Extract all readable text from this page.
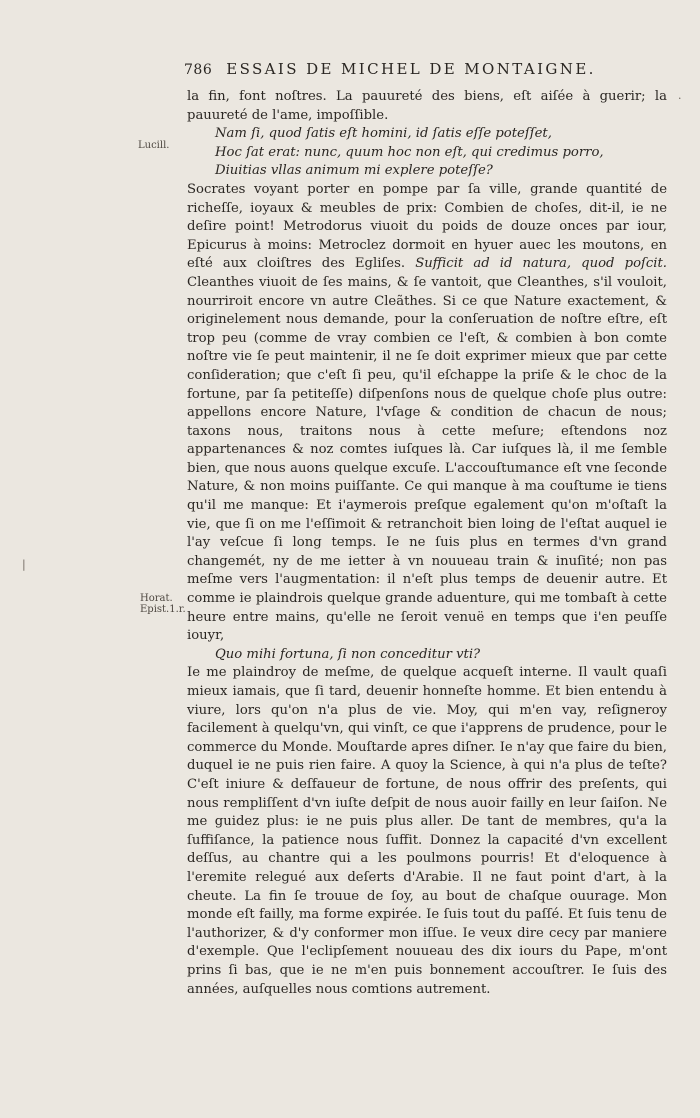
786 ESSAIS DE MICHEL DE MONTAIGNE.
Lucill.
Horat.
Epist.1.r.
·
|

la fin, font noſtres. La pauureté des biens, eſt aiſée à guerir; la pauureté de l'ame, impoſſible.

Nam ſi, quod ſatis eſt homini, id ſatis eſſe poteſſet,
Hoc ſat erat: nunc, quum hoc non eſt, qui credimus porro,
Diuitias vllas animum mi explere poteſſe?

Socrates voyant porter en pompe par ſa ville, grande quantité de richeſſe, ioyaux & meubles de prix: Combien de choſes, dit-il, ie ne deſire point! Metrodorus viuoit du poids de douze onces par iour, Epicurus à moins: Metroclez dormoit en hyuer auec les moutons, en eſté aux cloiſtres des Egliſes. Sufficit ad id natura, quod poſcit. Cleanthes viuoit de ſes mains, & ſe vantoit, que Cleanthes, s'il vouloit, nourriroit encore vn autre Cleãthes. Si ce que Nature exactement, & originelement nous demande, pour la conſeruation de noſtre eſtre, eſt trop peu (comme de vray combien ce l'eſt, & combien à bon comte noſtre vie ſe peut maintenir, il ne ſe doit exprimer mieux que par cette conſideration; que c'eſt ſi peu, qu'il eſchappe la priſe & le choc de la fortune, par ſa petiteſſe) diſpenſons nous de quelque choſe plus outre: appellons encore Nature, l'vſage & condition de chacun de nous; taxons nous, traitons nous à cette meſure; eſtendons noz appartenances & noz comtes iuſques là. Car iuſques là, il me ſemble bien, que nous auons quelque excuſe. L'accouſtumance eſt vne ſeconde Nature, & non moins puiſſante. Ce qui manque à ma couſtume ie tiens qu'il me manque: Et i'aymerois preſque egalement qu'on m'oſtaſt la vie, que ſi on me l'eſſimoit & retranchoit bien loing de l'eſtat auquel ie l'ay veſcue ſi long temps. Ie ne ſuis plus en termes d'vn grand changemét, ny de me ietter à vn nouueau train & inuſité; non pas meſme vers l'augmentation: il n'eſt plus temps de deuenir autre. Et comme ie plaindrois quelque grande aduenture, qui me tombaſt à cette heure entre mains, qu'elle ne ſeroit venuë en temps que i'en peuſſe iouyr,

Quo mihi fortuna, ſi non conceditur vti?

Ie me plaindroy de meſme, de quelque acqueſt interne. Il vault quaſi mieux iamais, que ſi tard, deuenir honneſte homme. Et bien entendu à viure, lors qu'on n'a plus de vie. Moy, qui m'en vay, reſigneroy facilement à quelqu'vn, qui vinſt, ce que i'apprens de prudence, pour le commerce du Monde. Mouſtarde apres diſner. Ie n'ay que faire du bien, duquel ie ne puis rien faire. A quoy la Science, à qui n'a plus de teſte? C'eſt iniure & deſfaueur de fortune, de nous offrir des preſents, qui nous rempliſſent d'vn iuſte deſpit de nous auoir failly en leur ſaiſon. Ne me guidez plus: ie ne puis plus aller. De tant de membres, qu'a la ſuffiſance, la patience nous ſuffit. Donnez la capacité d'vn excellent deſſus, au chantre qui a les poulmons pourris! Et d'eloquence à l'eremite relegué aux deſerts d'Arabie. Il ne faut point d'art, à la cheute. La fin ſe trouue de ſoy, au bout de chaſque ouurage. Mon monde eſt failly, ma forme expirée. Ie ſuis tout du paſſé. Et ſuis tenu de l'authorizer, & d'y conformer mon iſſue. Ie veux dire cecy par maniere d'exemple. Que l'eclipſement nouueau des dix iours du Pape, m'ont prins ſi bas, que ie ne m'en puis bonnement accouſtrer. Ie ſuis des années, auſquelles nous comtions autrement.
